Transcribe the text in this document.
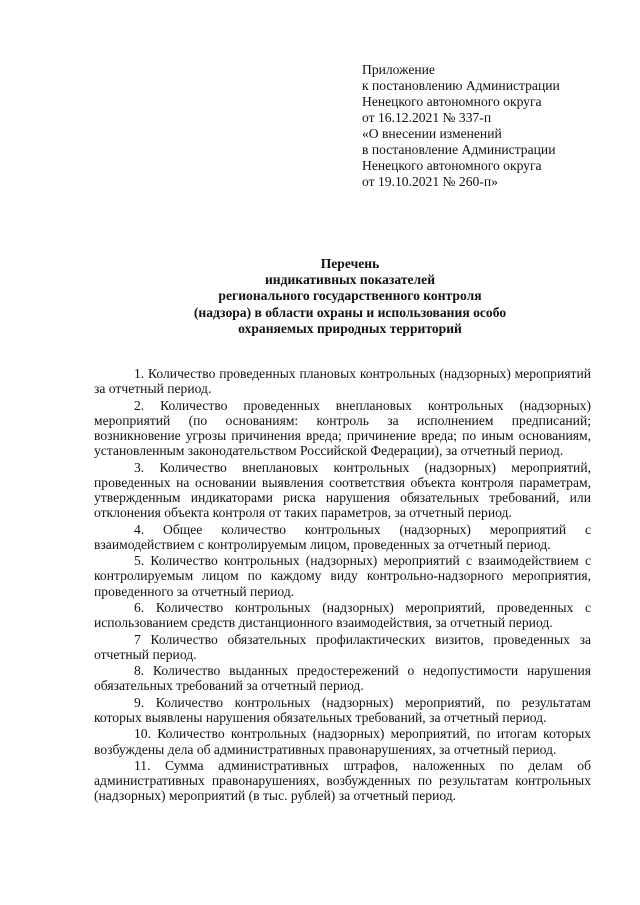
Приложение
к постановлению Администрации
Ненецкого автономного округа
от 16.12.2021 № 337-п
«О внесении изменений
в постановление Администрации
Ненецкого автономного округа
от 19.10.2021 № 260-п»
Перечень
индикативных показателей
регионального государственного контроля
(надзора) в области охраны и использования особо
охраняемых природных территорий

1. Количество проведенных плановых контрольных (надзорных) мероприятий за отчетный период.

2. Количество проведенных внеплановых контрольных (надзорных) мероприятий (по основаниям: контроль за исполнением предписаний; возникновение угрозы причинения вреда; причинение вреда; по иным основаниям, установленным законодательством Российской Федерации), за отчетный период.

3. Количество внеплановых контрольных (надзорных) мероприятий, проведенных на основании выявления соответствия объекта контроля параметрам, утвержденным индикаторами риска нарушения обязательных требований, или отклонения объекта контроля от таких параметров, за отчетный период.

4. Общее количество контрольных (надзорных) мероприятий с взаимодействием с контролируемым лицом, проведенных за отчетный период.

5. Количество контрольных (надзорных) мероприятий с взаимодействием с контролируемым лицом по каждому виду контрольно-надзорного мероприятия, проведенного за отчетный период.

6. Количество контрольных (надзорных) мероприятий, проведенных с использованием средств дистанционного взаимодействия, за отчетный период.

7 Количество обязательных профилактических визитов, проведенных за отчетный период.

8. Количество выданных предостережений о недопустимости нарушения обязательных требований за отчетный период.

9. Количество контрольных (надзорных) мероприятий, по результатам которых выявлены нарушения обязательных требований, за отчетный период.

10. Количество контрольных (надзорных) мероприятий, по итогам которых возбуждены дела об административных правонарушениях, за отчетный период.

11. Сумма административных штрафов, наложенных по делам об административных правонарушениях, возбужденных по результатам контрольных (надзорных) мероприятий (в тыс. рублей) за отчетный период.
